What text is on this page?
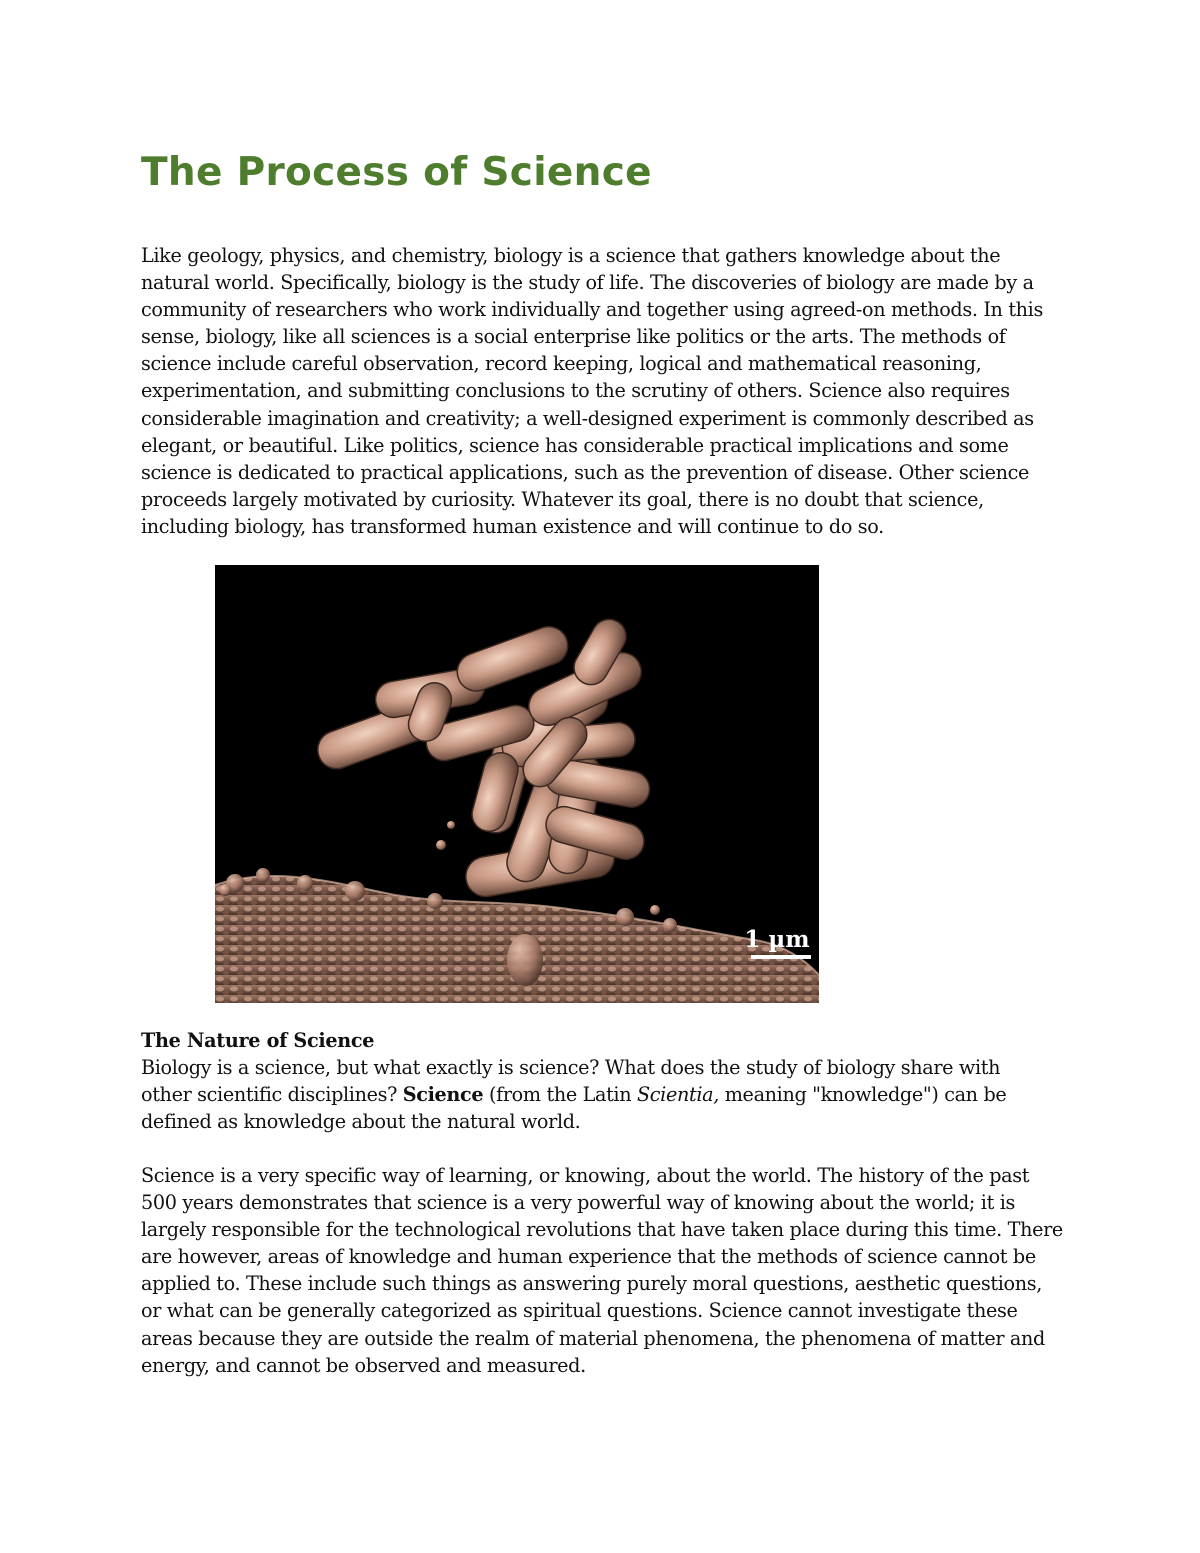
The Process of Science

Like geology, physics, and chemistry, biology is a science that gathers knowledge about the
natural world. Specifically, biology is the study of life. The discoveries of biology are made by a
community of researchers who work individually and together using agreed-on methods. In this
sense, biology, like all sciences is a social enterprise like politics or the arts. The methods of
science include careful observation, record keeping, logical and mathematical reasoning,
experimentation, and submitting conclusions to the scrutiny of others. Science also requires
considerable imagination and creativity; a well-designed experiment is commonly described as
elegant, or beautiful. Like politics, science has considerable practical implications and some
science is dedicated to practical applications, such as the prevention of disease. Other science
proceeds largely motivated by curiosity. Whatever its goal, there is no doubt that science,
including biology, has transformed human existence and will continue to do so.

1 µm
The Nature of Science

Biology is a science, but what exactly is science? What does the study of biology share with
other scientific disciplines? Science (from the Latin Scientia, meaning "knowledge") can be
defined as knowledge about the natural world.

Science is a very specific way of learning, or knowing, about the world. The history of the past
500 years demonstrates that science is a very powerful way of knowing about the world; it is
largely responsible for the technological revolutions that have taken place during this time. There
are however, areas of knowledge and human experience that the methods of science cannot be
applied to. These include such things as answering purely moral questions, aesthetic questions,
or what can be generally categorized as spiritual questions. Science cannot investigate these
areas because they are outside the realm of material phenomena, the phenomena of matter and
energy, and cannot be observed and measured.
